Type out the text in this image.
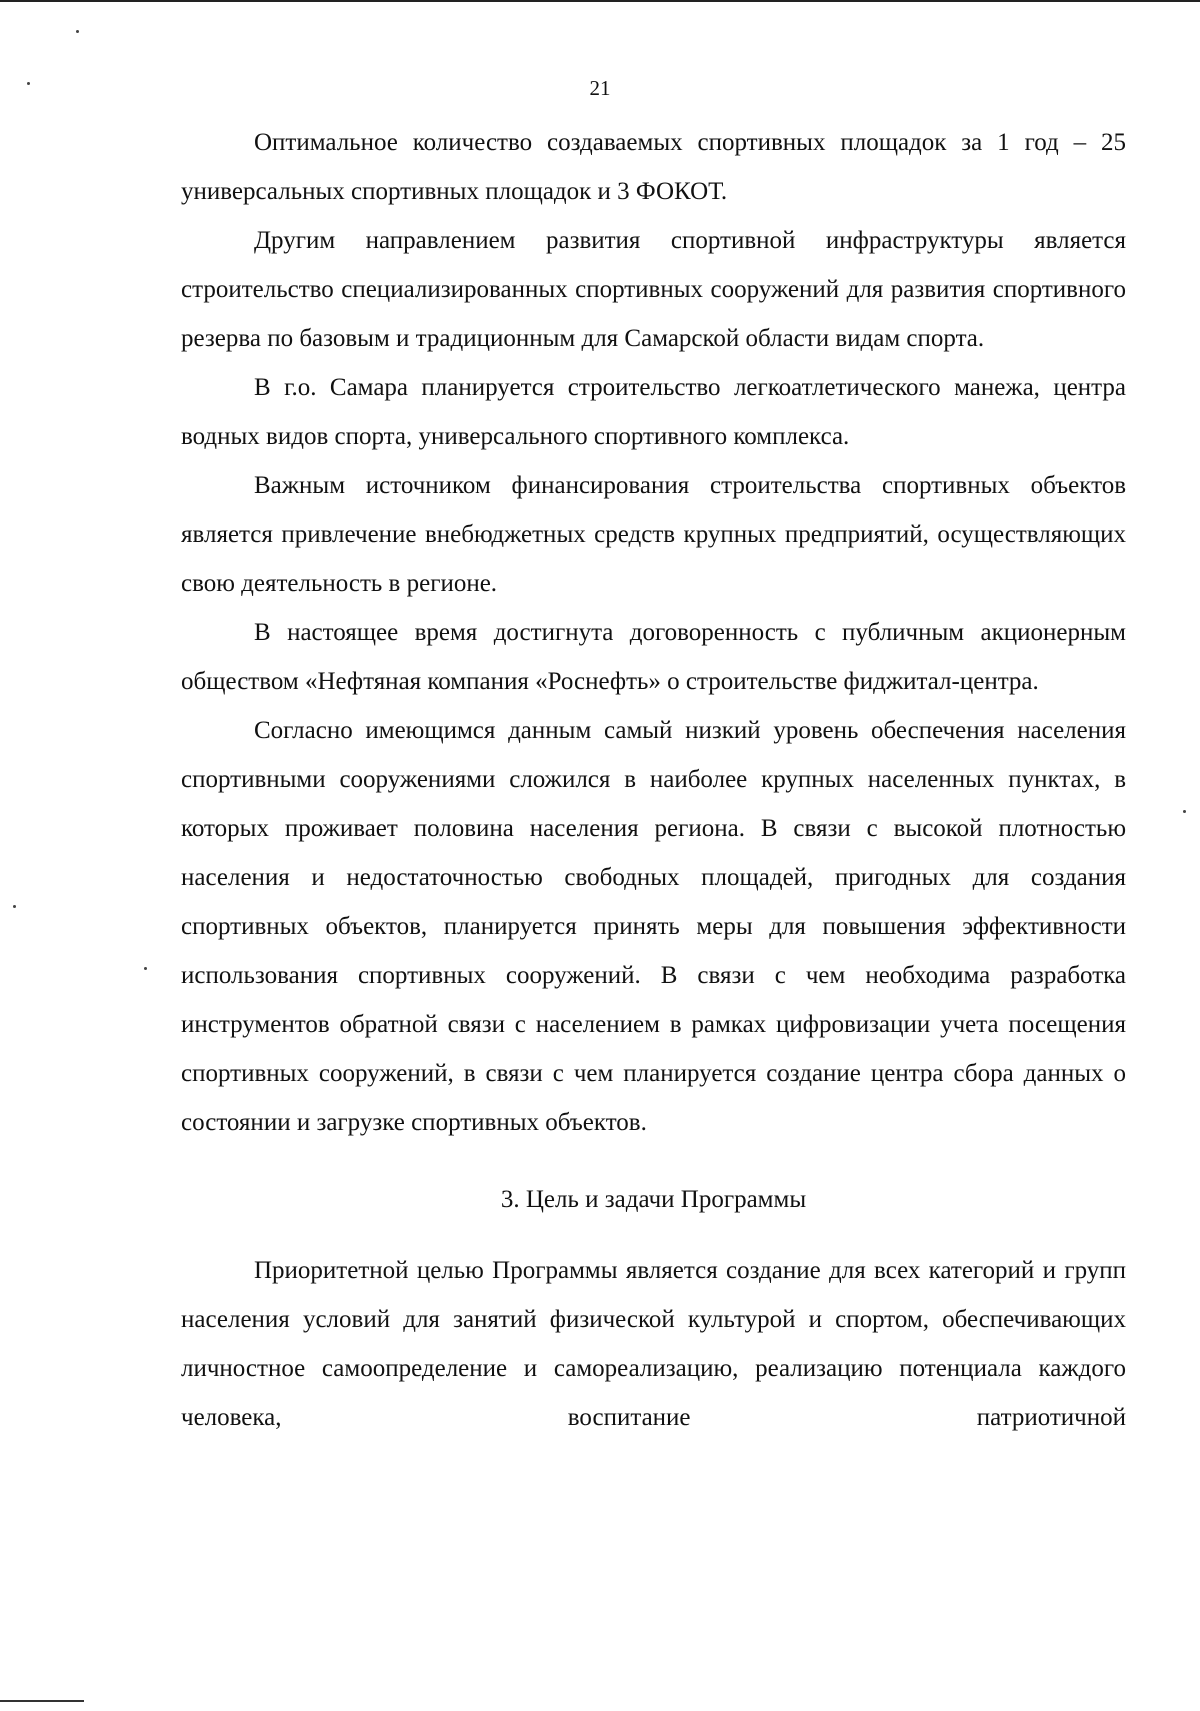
21

Оптимальное количество создаваемых спортивных площадок за 1 год – 25 универсальных спортивных площадок и 3 ФОКОТ.

Другим направлением развития спортивной инфраструктуры является строительство специализированных спортивных сооружений для развития спортивного резерва по базовым и традиционным для Самарской области видам спорта.

В г.о. Самара планируется строительство легкоатлетического манежа, центра водных видов спорта, универсального спортивного комплекса.

Важным источником финансирования строительства спортивных объектов является привлечение внебюджетных средств крупных предприятий, осуществляющих свою деятельность в регионе.

В настоящее время достигнута договоренность с публичным акционерным обществом «Нефтяная компания «Роснефть» о строительстве фиджитал-центра.

Согласно имеющимся данным самый низкий уровень обеспечения населения спортивными сооружениями сложился в наиболее крупных населенных пунктах, в которых проживает половина населения региона. В связи с высокой плотностью населения и недостаточностью свободных площадей, пригодных для создания спортивных объектов, планируется принять меры для повышения эффективности использования спортивных сооружений. В связи с чем необходима разработка инструментов обратной связи с населением в рамках цифровизации учета посещения спортивных сооружений, в связи с чем планируется создание центра сбора данных о состоянии и загрузке спортивных объектов.

3. Цель и задачи Программы

Приоритетной целью Программы является создание для всех категорий и групп населения условий для занятий физической культурой и спортом, обеспечивающих личностное самоопределение и самореализацию, реализацию потенциала каждого человека, воспитание патриотичной
